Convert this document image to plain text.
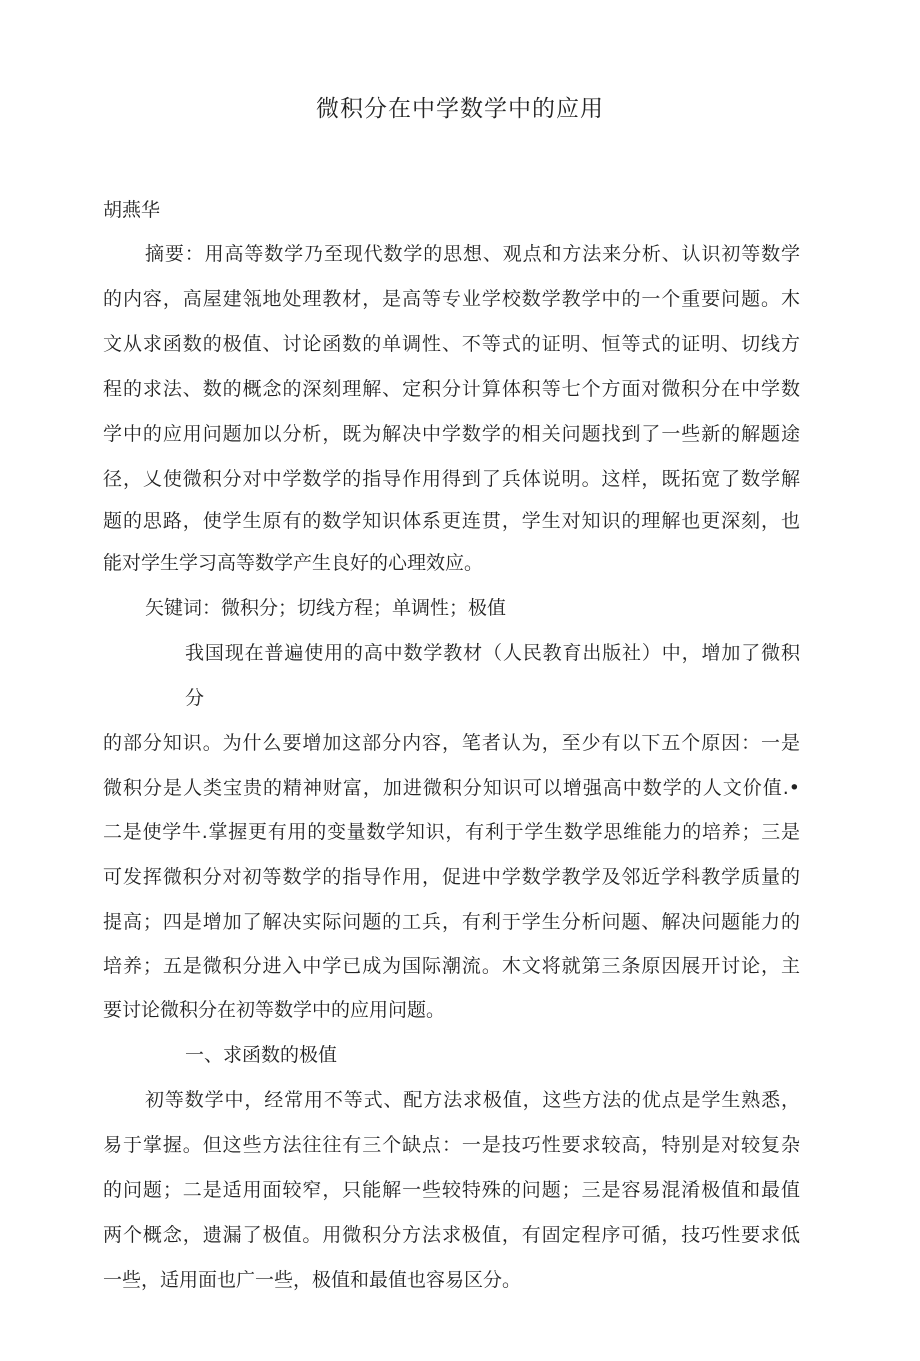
微积分在中学数学中的应用
胡燕华
摘要：用高等数学乃至现代数学的思想、观点和方法来分析、认识初等数学
的内容，高屋建瓴地处理教材，是高等专业学校数学教学中的一个重要问题。木
文从求函数的极值、讨论函数的单调性、不等式的证明、恒等式的证明、切线方
程的求法、数的概念的深刻理解、定积分计算体积等七个方面对微积分在中学数
学中的应用问题加以分析，既为解决中学数学的相关问题找到了一些新的解题途
径，乂使微积分对中学数学的指导作用得到了兵体说明。这样，既拓宽了数学解
题的思路，使学生原有的数学知识体系更连贯，学生对知识的理解也更深刻，也
能对学生学习高等数学产生良好的心理效应。
矢键词：微积分；切线方程；单调性；极值
我国现在普遍使用的高中数学教材（人民教育出版社）中，增加了微积
分
的部分知识。为什么要增加这部分内容，笔者认为，至少有以下五个原因：一是
微积分是人类宝贵的精神财富，加进微积分知识可以增强高中数学的人文价值.•
二是使学牛.掌握更有用的变量数学知识，有利于学生数学思维能力的培养；三是
可发挥微积分对初等数学的指导作用，促进中学数学教学及邻近学科教学质量的
提高；四是增加了解决实际问题的工兵，有利于学生分析问题、解决问题能力的
培养；五是微积分进入中学已成为国际潮流。木文将就第三条原因展开讨论，主
要讨论微积分在初等数学中的应用问题。
一、求函数的极值
初等数学中，经常用不等式、配方法求极值，这些方法的优点是学生熟悉，
易于掌握。但这些方法往往有三个缺点：一是技巧性要求较高，特别是对较复杂
的问题；二是适用面较窄，只能解一些较特殊的问题；三是容易混淆极值和最值
两个概念，遗漏了极值。用微积分方法求极值，有固定程序可循，技巧性要求低
一些，适用面也广一些，极值和最值也容易区分。
